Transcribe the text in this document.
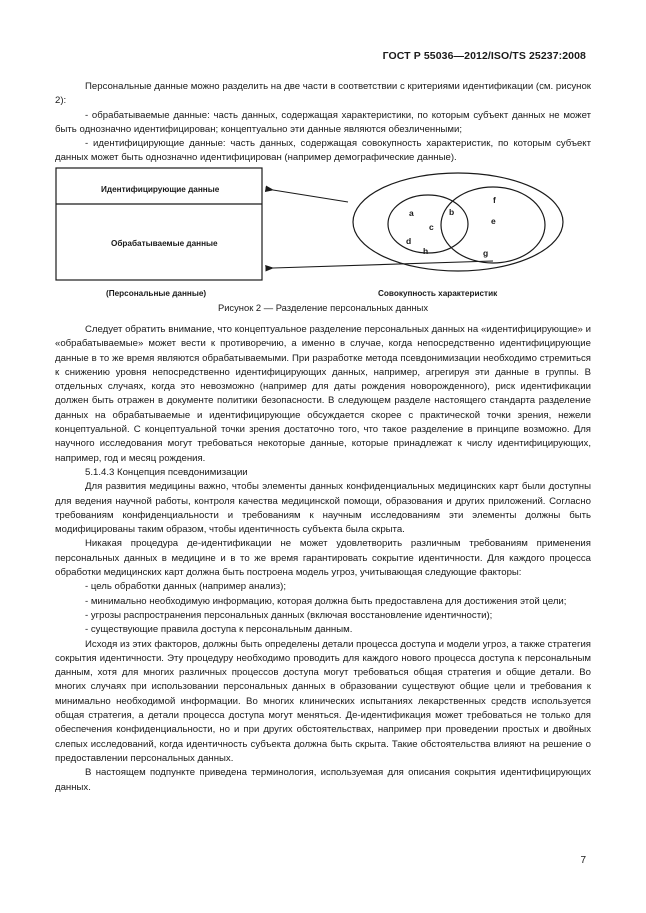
ГОСТ Р 55036—2012/ISO/TS 25237:2008

Персональные данные можно разделить на две части в соответствии с критериями идентификации (см. рисунок 2):

- обрабатываемые данные: часть данных, содержащая характеристики, по которым субъект данных не может быть однозначно идентифицирован; концептуально эти данные являются обезличенными;

- идентифицирующие данные: часть данных, содержащая совокупность характеристик, по которым субъект данных может быть однозначно идентифицирован (например демографические данные).

Идентифицирующие данные
Обрабатываемые данные
a	b
c
d
e
f
g
h
(Персональные данные)	Совокупность характеристик
Рисунок 2 — Разделение персональных данных

Следует обратить внимание, что концептуальное разделение персональных данных на «идентифицирующие» и «обрабатываемые» может вести к противоречию, а именно в случае, когда непосредственно идентифицирующие данные в то же время являются обрабатываемыми. При разработке метода псевдонимизации необходимо стремиться к снижению уровня непосредственно идентифицирующих данных, например, агрегируя эти данные в группы. В отдельных случаях, когда это невозможно (например для даты рождения новорожденного), риск идентификации должен быть отражен в документе политики безопасности. В следующем разделе настоящего стандарта разделение данных на обрабатываемые и идентифицирующие обсуждается скорее с практической точки зрения, нежели концептуальной. С концептуальной точки зрения достаточно того, что такое разделение в принципе возможно. Для научного исследования могут требоваться некоторые данные, которые принадлежат к числу идентифицирующих, например, год и месяц рождения.

5.1.4.3 Концепция псевдонимизации

Для развития медицины важно, чтобы элементы данных конфиденциальных медицинских карт были доступны для ведения научной работы, контроля качества медицинской помощи, образования и других приложений. Согласно требованиям конфиденциальности и требованиям к научным исследованиям эти элементы должны быть модифицированы таким образом, чтобы идентичность субъекта была скрыта.

Никакая процедура де-идентификации не может удовлетворить различным требованиям применения персональных данных в медицине и в то же время гарантировать сокрытие идентичности. Для каждого процесса обработки медицинских карт должна быть построена модель угроз, учитывающая следующие факторы:

- цель обработки данных (например анализ);

- минимально необходимую информацию, которая должна быть предоставлена для достижения этой цели;

- угрозы распространения персональных данных (включая восстановление идентичности);

- существующие правила доступа к персональным данным.

Исходя из этих факторов, должны быть определены детали процесса доступа и модели угроз, а также стратегия сокрытия идентичности. Эту процедуру необходимо проводить для каждого нового процесса доступа к персональным данным, хотя для многих различных процессов доступа могут требоваться общая стратегия и общие детали. Во многих случаях при использовании персональных данных в образовании существуют общие цели и требования к минимально необходимой информации. Во многих клинических испытаниях лекарственных средств используется общая стратегия, а детали процесса доступа могут меняться. Де-идентификация может требоваться не только для обеспечения конфиденциальности, но и при других обстоятельствах, например при проведении простых и двойных слепых исследований, когда идентичность субъекта должна быть скрыта. Такие обстоятельства влияют на решение о предоставлении персональных данных.

В настоящем подпункте приведена терминология, используемая для описания сокрытия идентифицирующих данных.

7
